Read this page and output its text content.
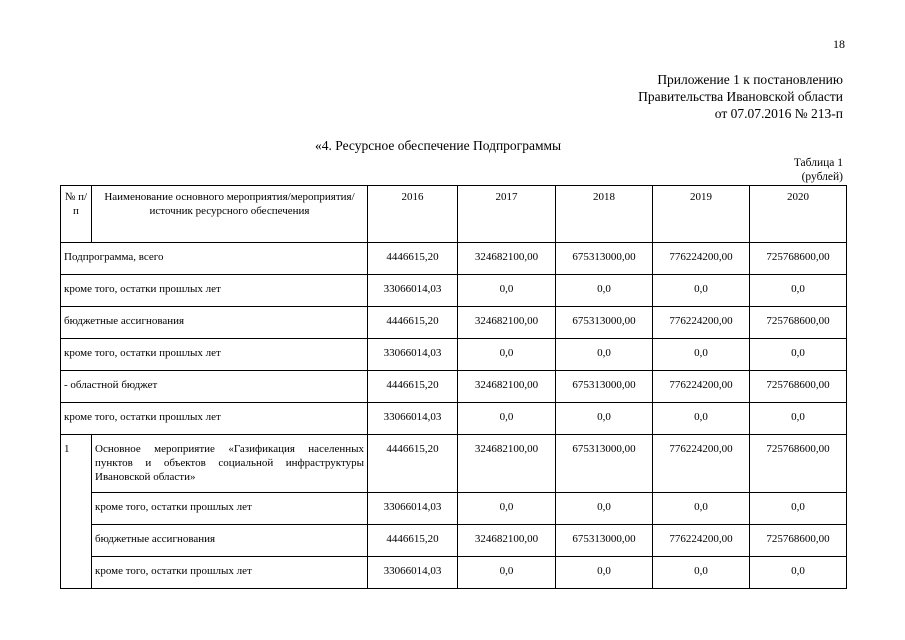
18
Приложение 1 к постановлению
Правительства Ивановской области
от 07.07.2016 № 213-п
«4. Ресурсное обеспечение Подпрограммы
Таблица 1
(рублей)
№ п/п	Наименование основного мероприятия/мероприятия/источник ресурсного обеспечения	2016	2017	2018	2019	2020
Подпрограмма, всего		4446615,20	324682100,00	675313000,00	776224200,00	725768600,00
кроме того, остатки прошлых лет		33066014,03	0,0	0,0	0,0	0,0
бюджетные ассигнования		4446615,20	324682100,00	675313000,00	776224200,00	725768600,00
кроме того, остатки прошлых лет		33066014,03	0,0	0,0	0,0	0,0
- областной бюджет		4446615,20	324682100,00	675313000,00	776224200,00	725768600,00
кроме того, остатки прошлых лет		33066014,03	0,0	0,0	0,0	0,0
1	Основное мероприятие «Газификация населенных пунктов и объектов социальной инфраструктуры Ивановской области»	4446615,20	324682100,00	675313000,00	776224200,00	725768600,00
	кроме того, остатки прошлых лет	33066014,03	0,0	0,0	0,0	0,0
	бюджетные ассигнования	4446615,20	324682100,00	675313000,00	776224200,00	725768600,00
	кроме того, остатки прошлых лет	33066014,03	0,0	0,0	0,0	0,0
